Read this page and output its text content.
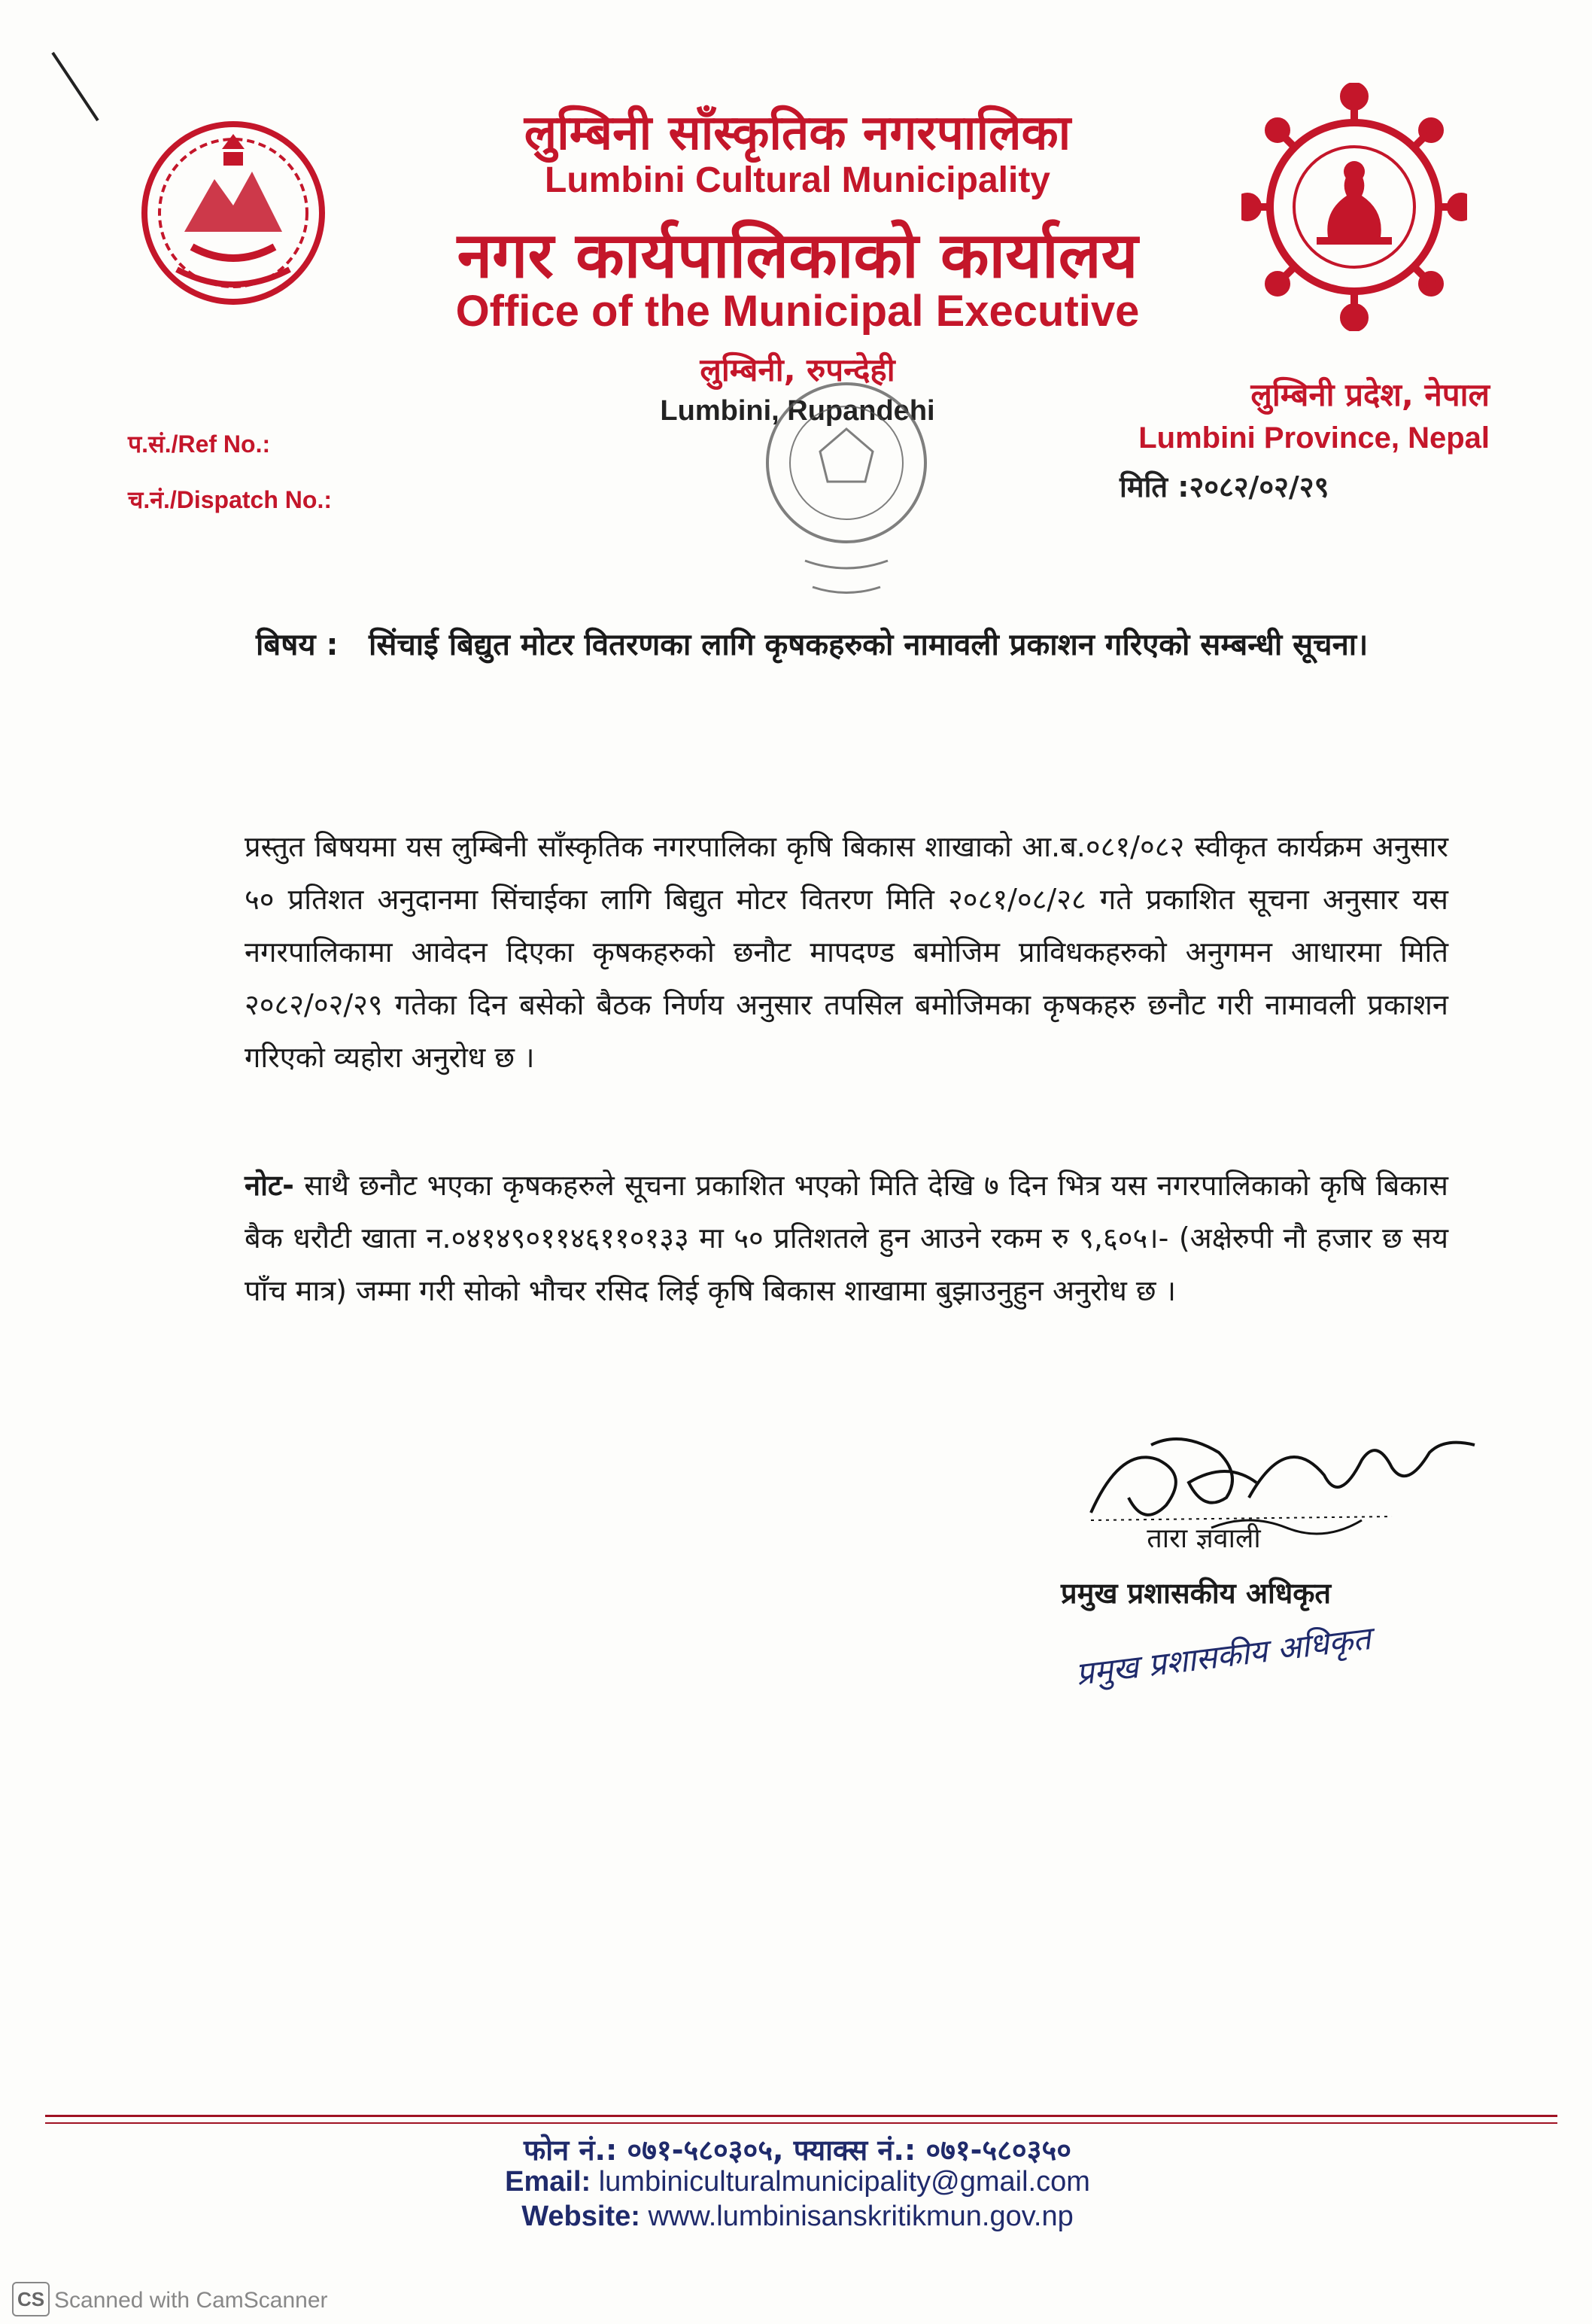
लुम्बिनी साँस्कृतिक नगरपालिका
Lumbini Cultural Municipality
नगर कार्यपालिकाको कार्यालय
Office of the Municipal Executive
लुम्बिनी, रुपन्देही
Lumbini, Rupandehi
प.सं./Ref No.:
च.नं./Dispatch No.:
लुम्बिनी प्रदेश, नेपाल
Lumbini Province, Nepal
मिति :२०८२/०२/२९
बिषय : सिंचाई बिद्युत मोटर वितरणका लागि कृषकहरुको नामावली प्रकाशन गरिएको सम्बन्धी सूचना।
प्रस्तुत बिषयमा यस लुम्बिनी साँस्कृतिक नगरपालिका कृषि बिकास शाखाको आ.ब.०८१/०८२ स्वीकृत कार्यक्रम अनुसार ५० प्रतिशत अनुदानमा सिंचाईका लागि बिद्युत मोटर वितरण मिति २०८१/०८/२८ गते प्रकाशित सूचना अनुसार यस नगरपालिकामा आवेदन दिएका कृषकहरुको छनौट मापदण्ड बमोजिम प्राविधकहरुको अनुगमन आधारमा मिति २०८२/०२/२९ गतेका दिन बसेको बैठक निर्णय अनुसार तपसिल बमोजिमका कृषकहरु छनौट गरी नामावली प्रकाशन गरिएको व्यहोरा अनुरोध छ ।
नोट- साथै छनौट भएका कृषकहरुले सूचना प्रकाशित भएको मिति देखि ७ दिन भित्र यस नगरपालिकाको कृषि बिकास बैक धरौटी खाता न.०४१४९०११४६११०१३३ मा ५० प्रतिशतले हुन आउने रकम रु ९,६०५।- (अक्षेरुपी नौ हजार छ सय पाँच मात्र) जम्मा गरी सोको भौचर रसिद लिई कृषि बिकास शाखामा बुझाउनुहुन अनुरोध छ ।
तारा ज्ञवाली
प्रमुख प्रशासकीय अधिकृत
प्रमुख प्रशासकीय अधिकृत
फोन नं.: ०७१-५८०३०५, फ्याक्स नं.: ०७१-५८०३५०
Email: lumbiniculturalmunicipality@gmail.com
Website: www.lumbinisanskritikmun.gov.np
CS Scanned with CamScanner
